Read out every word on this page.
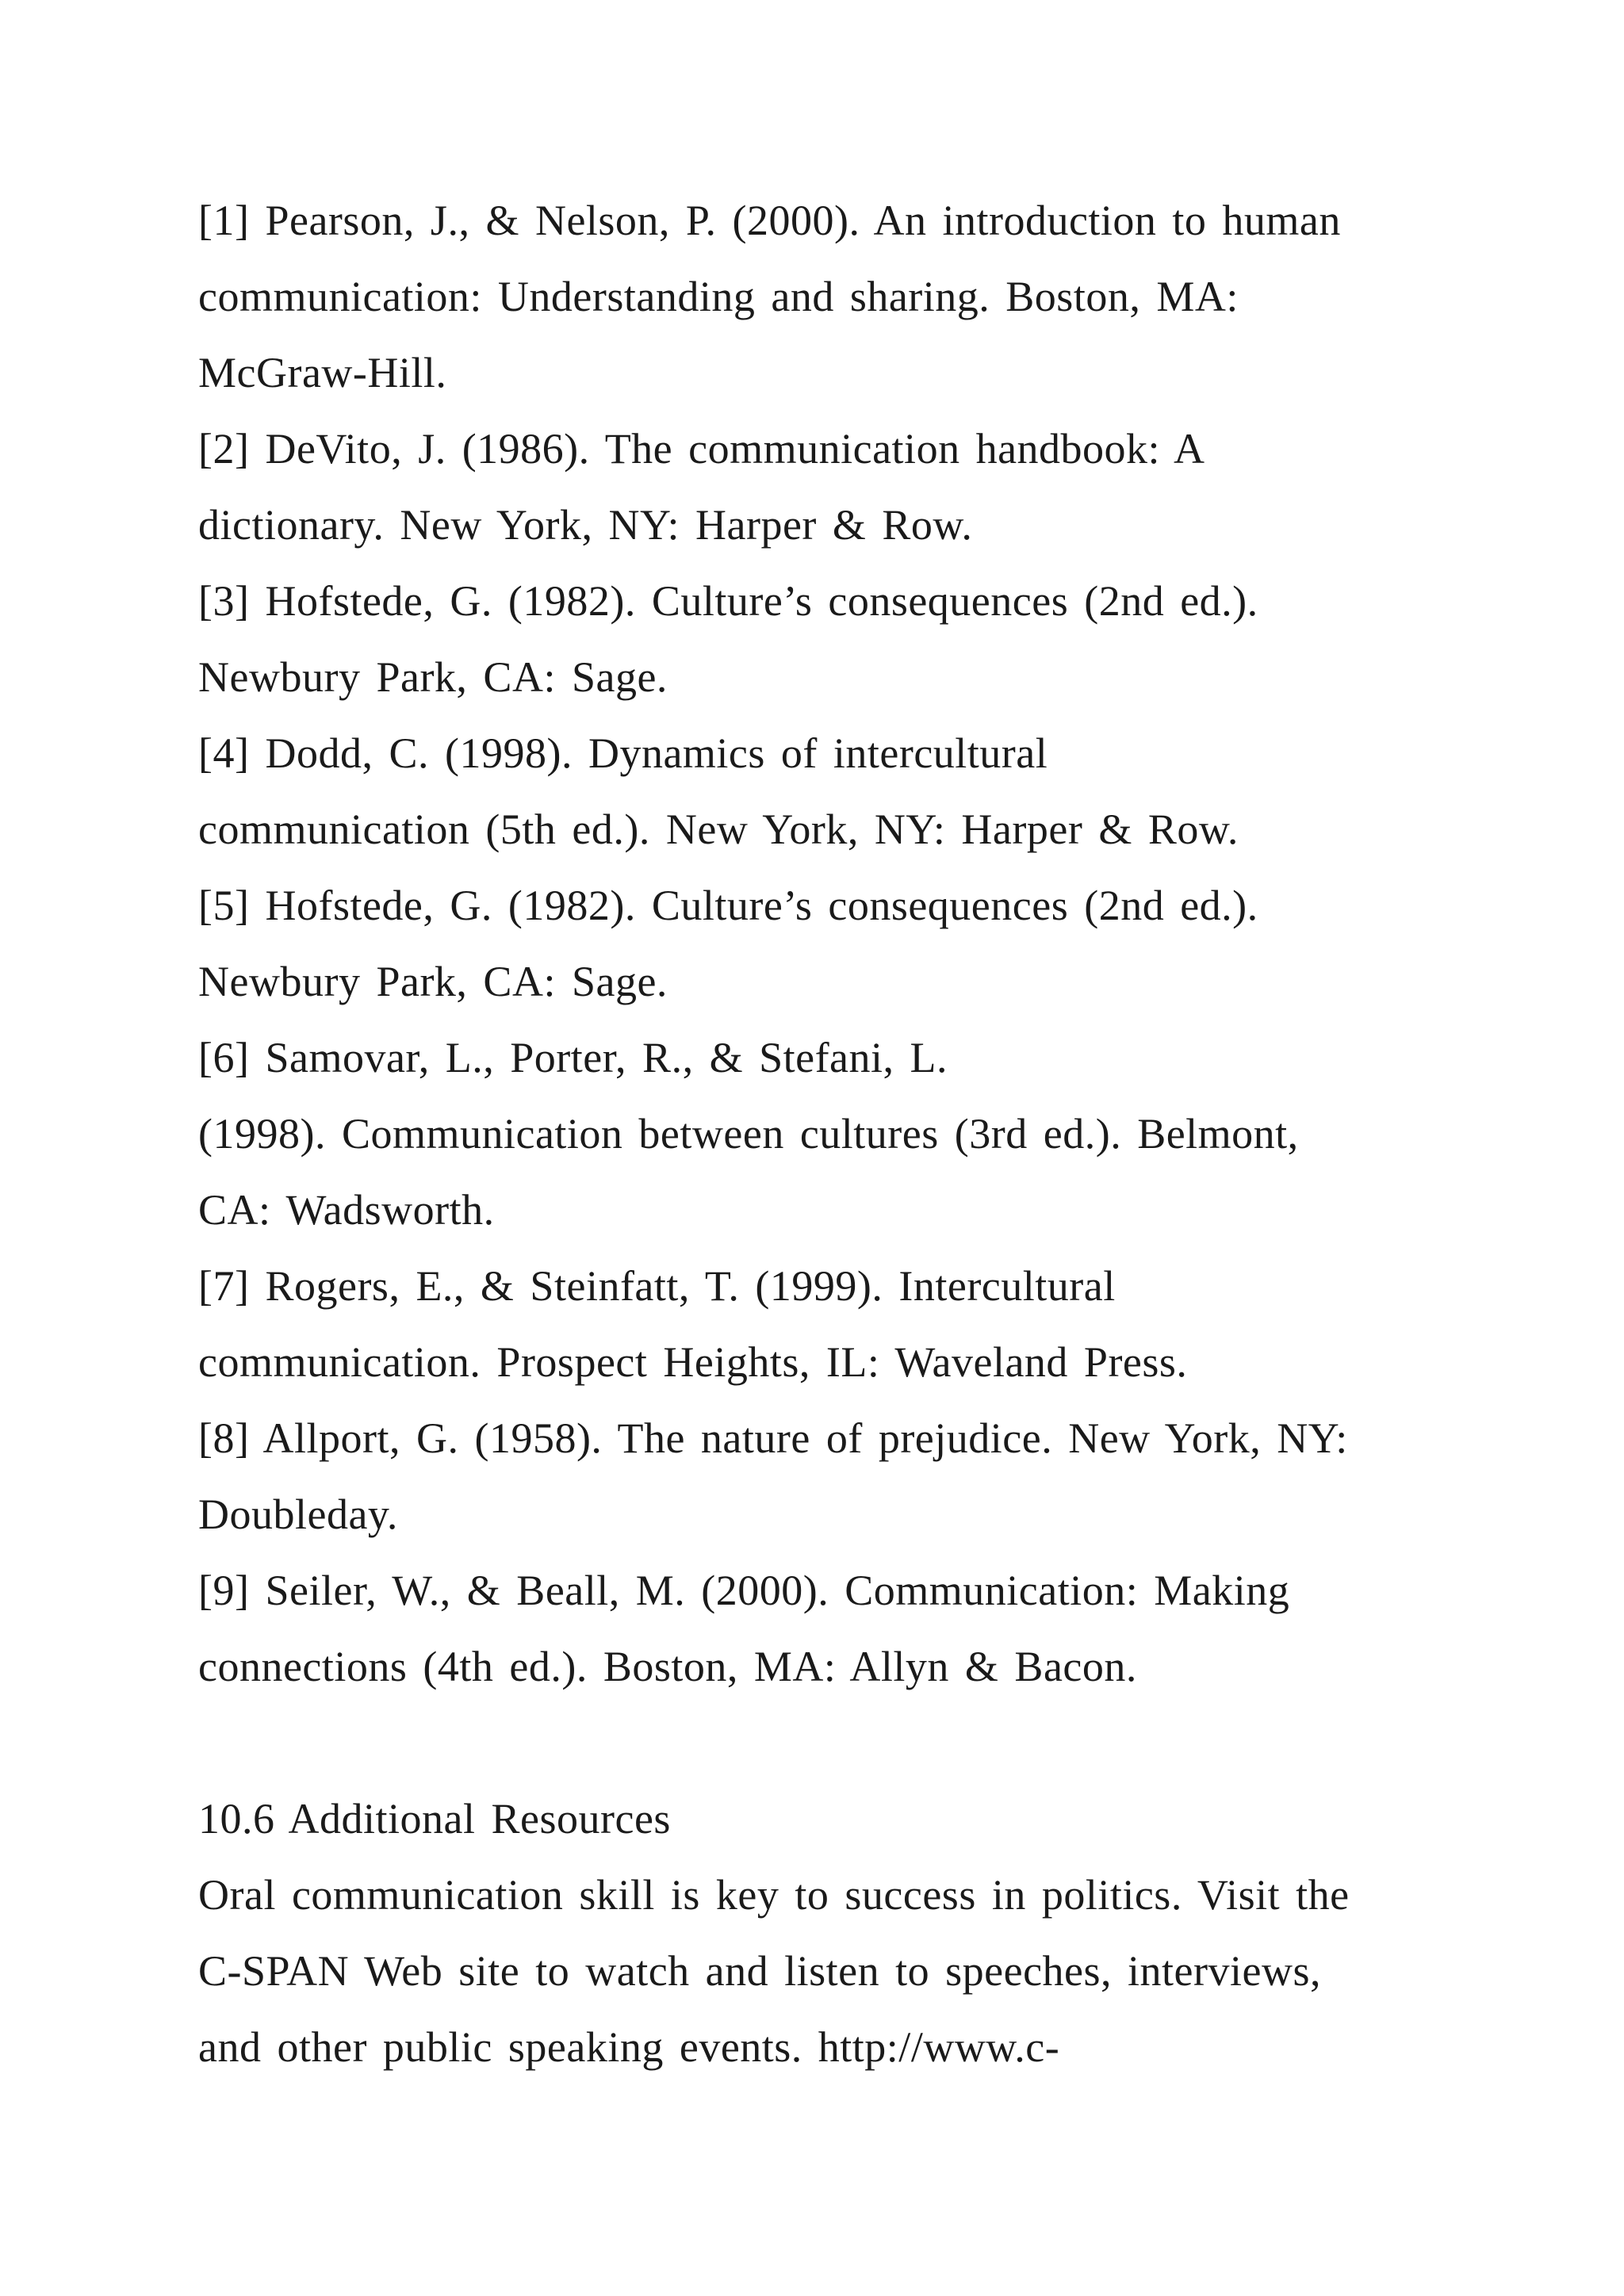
[1] Pearson, J., & Nelson, P. (2000). An introduction to human
communication: Understanding and sharing. Boston, MA:
McGraw-Hill.
[2] DeVito, J. (1986). The communication handbook: A
dictionary. New York, NY: Harper & Row.
[3] Hofstede, G. (1982). Culture’s consequences (2nd ed.).
Newbury Park, CA: Sage.
[4] Dodd, C. (1998). Dynamics of intercultural
communication (5th ed.). New York, NY: Harper & Row.
[5] Hofstede, G. (1982). Culture’s consequences (2nd ed.).
Newbury Park, CA: Sage.
[6] Samovar, L., Porter, R., & Stefani, L.
(1998). Communication between cultures (3rd ed.). Belmont,
CA: Wadsworth.
[7] Rogers, E., & Steinfatt, T. (1999). Intercultural
communication. Prospect Heights, IL: Waveland Press.
[8] Allport, G. (1958). The nature of prejudice. New York, NY:
Doubleday.
[9] Seiler, W., & Beall, M. (2000). Communication: Making
connections (4th ed.). Boston, MA: Allyn & Bacon.
10.6 Additional Resources
Oral communication skill is key to success in politics. Visit the
C-SPAN Web site to watch and listen to speeches, interviews,
and other public speaking events. http://www.c-
